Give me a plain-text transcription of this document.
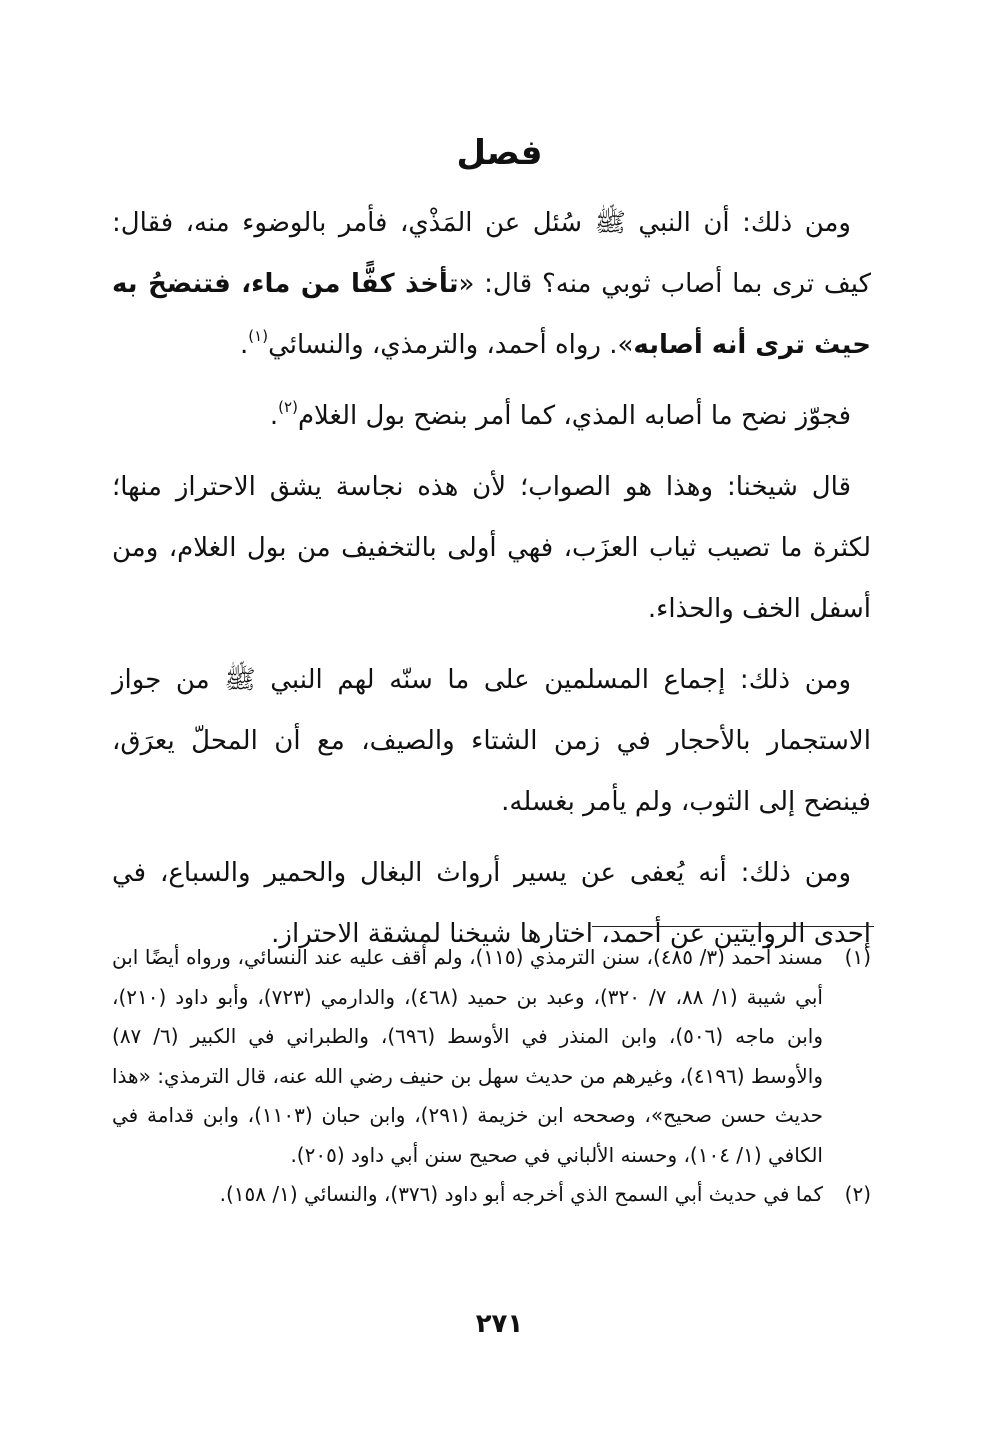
فصل

ومن ذلك: أن النبي ﷺ سُئل عن المَذْي، فأمر بالوضوء منه، فقال: كيف ترى بما أصاب ثوبي منه؟ قال: «تأخذ كفًّا من ماء، فتنضحُ به حيث ترى أنه أصابه». رواه أحمد، والترمذي، والنسائي$^{(١)}$.

فجوّز نضح ما أصابه المذي، كما أمر بنضح بول الغلام$^{(٢)}$.

قال شيخنا: وهذا هو الصواب؛ لأن هذه نجاسة يشق الاحتراز منها؛ لكثرة ما تصيب ثياب العزَب، فهي أولى بالتخفيف من بول الغلام، ومن أسفل الخف والحذاء.

ومن ذلك: إجماع المسلمين على ما سنّه لهم النبي ﷺ من جواز الاستجمار بالأحجار في زمن الشتاء والصيف، مع أن المحلّ يعرَق، فينضح إلى الثوب، ولم يأمر بغسله.

ومن ذلك: أنه يُعفى عن يسير أرواث البغال والحمير والسباع، في إحدى الروايتين عن أحمد، اختارها شيخنا لمشقة الاحتراز.

(١)
مسند أحمد (٣/ ٤٨٥)، سنن الترمذي (١١٥)، ولم أقف عليه عند النسائي، ورواه أيضًا ابن أبي شيبة (١/ ٨٨، ٧/ ٣٢٠)، وعبد بن حميد (٤٦٨)، والدارمي (٧٢٣)، وأبو داود (٢١٠)، وابن ماجه (٥٠٦)، وابن المنذر في الأوسط (٦٩٦)، والطبراني في الكبير (٦/ ٨٧) والأوسط (٤١٩٦)، وغيرهم من حديث سهل بن حنيف رضي الله عنه، قال الترمذي: «هذا حديث حسن صحيح»، وصححه ابن خزيمة (٢٩١)، وابن حبان (١١٠٣)، وابن قدامة في الكافي (١/ ١٠٤)، وحسنه الألباني في صحيح سنن أبي داود (٢٠٥).
(٢)
كما في حديث أبي السمح الذي أخرجه أبو داود (٣٧٦)، والنسائي (١/ ١٥٨).
٢٧١
